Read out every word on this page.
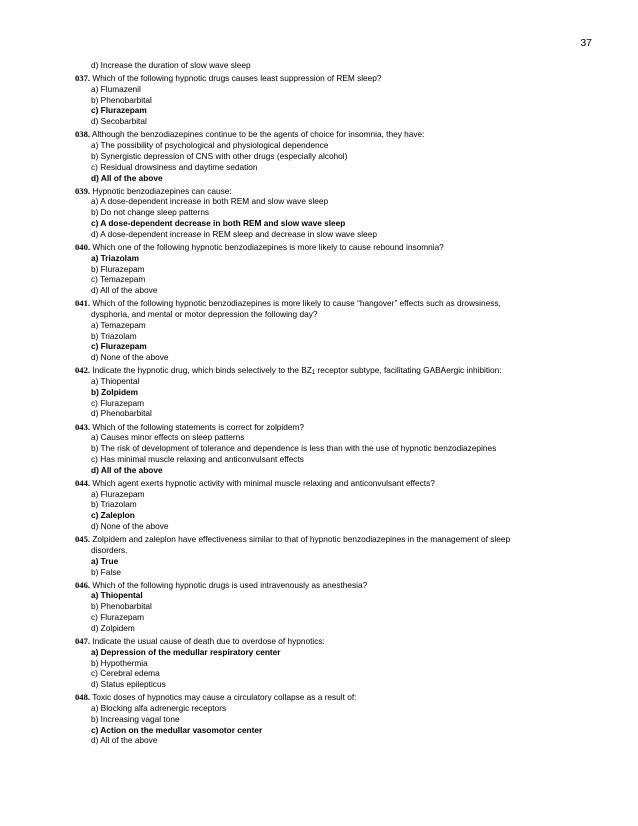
37
d) Increase the duration of slow wave sleep
037. Which of the following hypnotic drugs causes least suppression of REM sleep?
a) Flumazenil
b) Phenobarbital
c) Flurazepam
d) Secobarbital
038. Although the benzodiazepines continue to be the agents of choice for insomnia, they have:
a) The possibility of psychological and physiological dependence
b) Synergistic depression of CNS with other drugs (especially alcohol)
c) Residual drowsiness and daytime sedation
d) All of the above
039. Hypnotic benzodiazepines can cause:
a) A dose-dependent increase in both REM and slow wave sleep
b) Do not change sleep patterns
c) A dose-dependent decrease in both REM and slow wave sleep
d) A dose-dependent increase in REM sleep and decrease in slow wave sleep
040. Which one of the following hypnotic benzodiazepines is more likely to cause rebound insomnia?
a) Triazolam
b) Flurazepam
c) Temazepam
d) All of the above
041. Which of the following hypnotic benzodiazepines is more likely to cause “hangover” effects such as drowsiness,
dysphoria, and mental or motor depression the following day?
a) Temazepam
b) Triazolam
c) Flurazepam
d) None of the above
042. Indicate the hypnotic drug, which binds selectively to the $BZ_1$ receptor subtype, facilitating GABAergic inhibition:
a) Thiopental
b) Zolpidem
c) Flurazepam
d) Phenobarbital
043. Which of the following statements is correct for zolpidem?
a) Causes minor effects on sleep patterns
b) The risk of development of tolerance and dependence is less than with the use of hypnotic benzodiazepines
c) Has minimal muscle relaxing and anticonvulsant effects
d) All of the above
044. Which agent exerts hypnotic activity with minimal muscle relaxing and anticonvulsant effects?
a) Flurazepam
b) Triazolam
c) Zaleplon
d) None of the above
045. Zolpidem and zaleplon have effectiveness similar to that of hypnotic benzodiazepines in the management of sleep
disorders.
a) True
b) False
046. Which of the following hypnotic drugs is used intravenously as anesthesia?
a) Thiopental
b) Phenobarbital
c) Flurazepam
d) Zolpidem
047. Indicate the usual cause of death due to overdose of hypnotics:
a) Depression of the medullar respiratory center
b) Hypothermia
c) Cerebral edema
d) Status epilepticus
048. Toxic doses of hypnotics may cause a circulatory collapse as a result of:
a) Blocking alfa adrenergic receptors
b) Increasing vagal tone
c) Action on the medullar vasomotor center
d) All of the above
